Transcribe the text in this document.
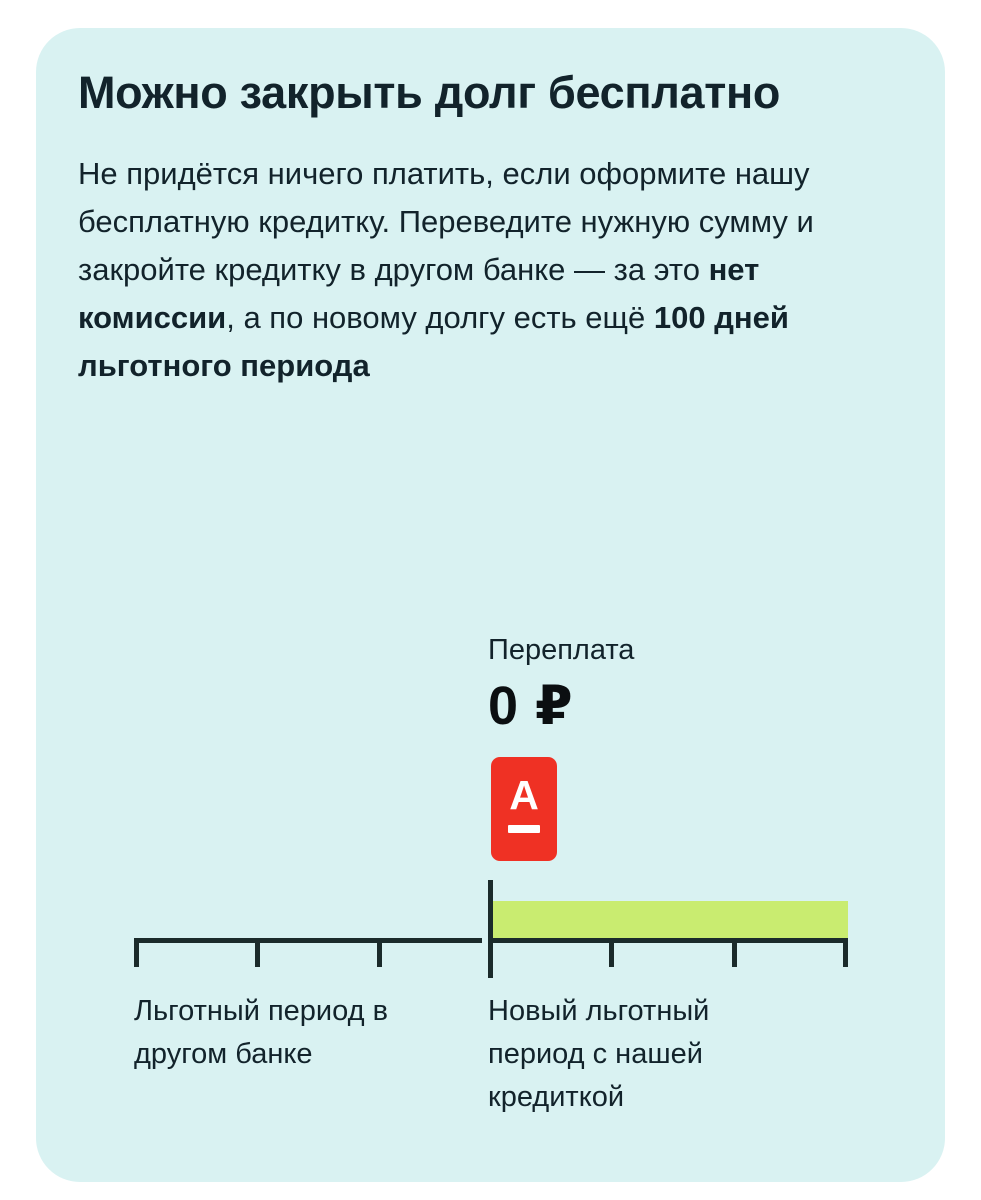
Можно закрыть долг бесплатно

Не придётся ничего платить, если оформите нашу бесплатную кредитку. Переведите нужную сумму и закройте кредитку в другом банке — за это нет комиссии, а по новому долгу есть ещё 100 дней льготного периода

Переплата
0 ₽
А
Льготный период в другом банке
Новый льготный период с нашей кредиткой
